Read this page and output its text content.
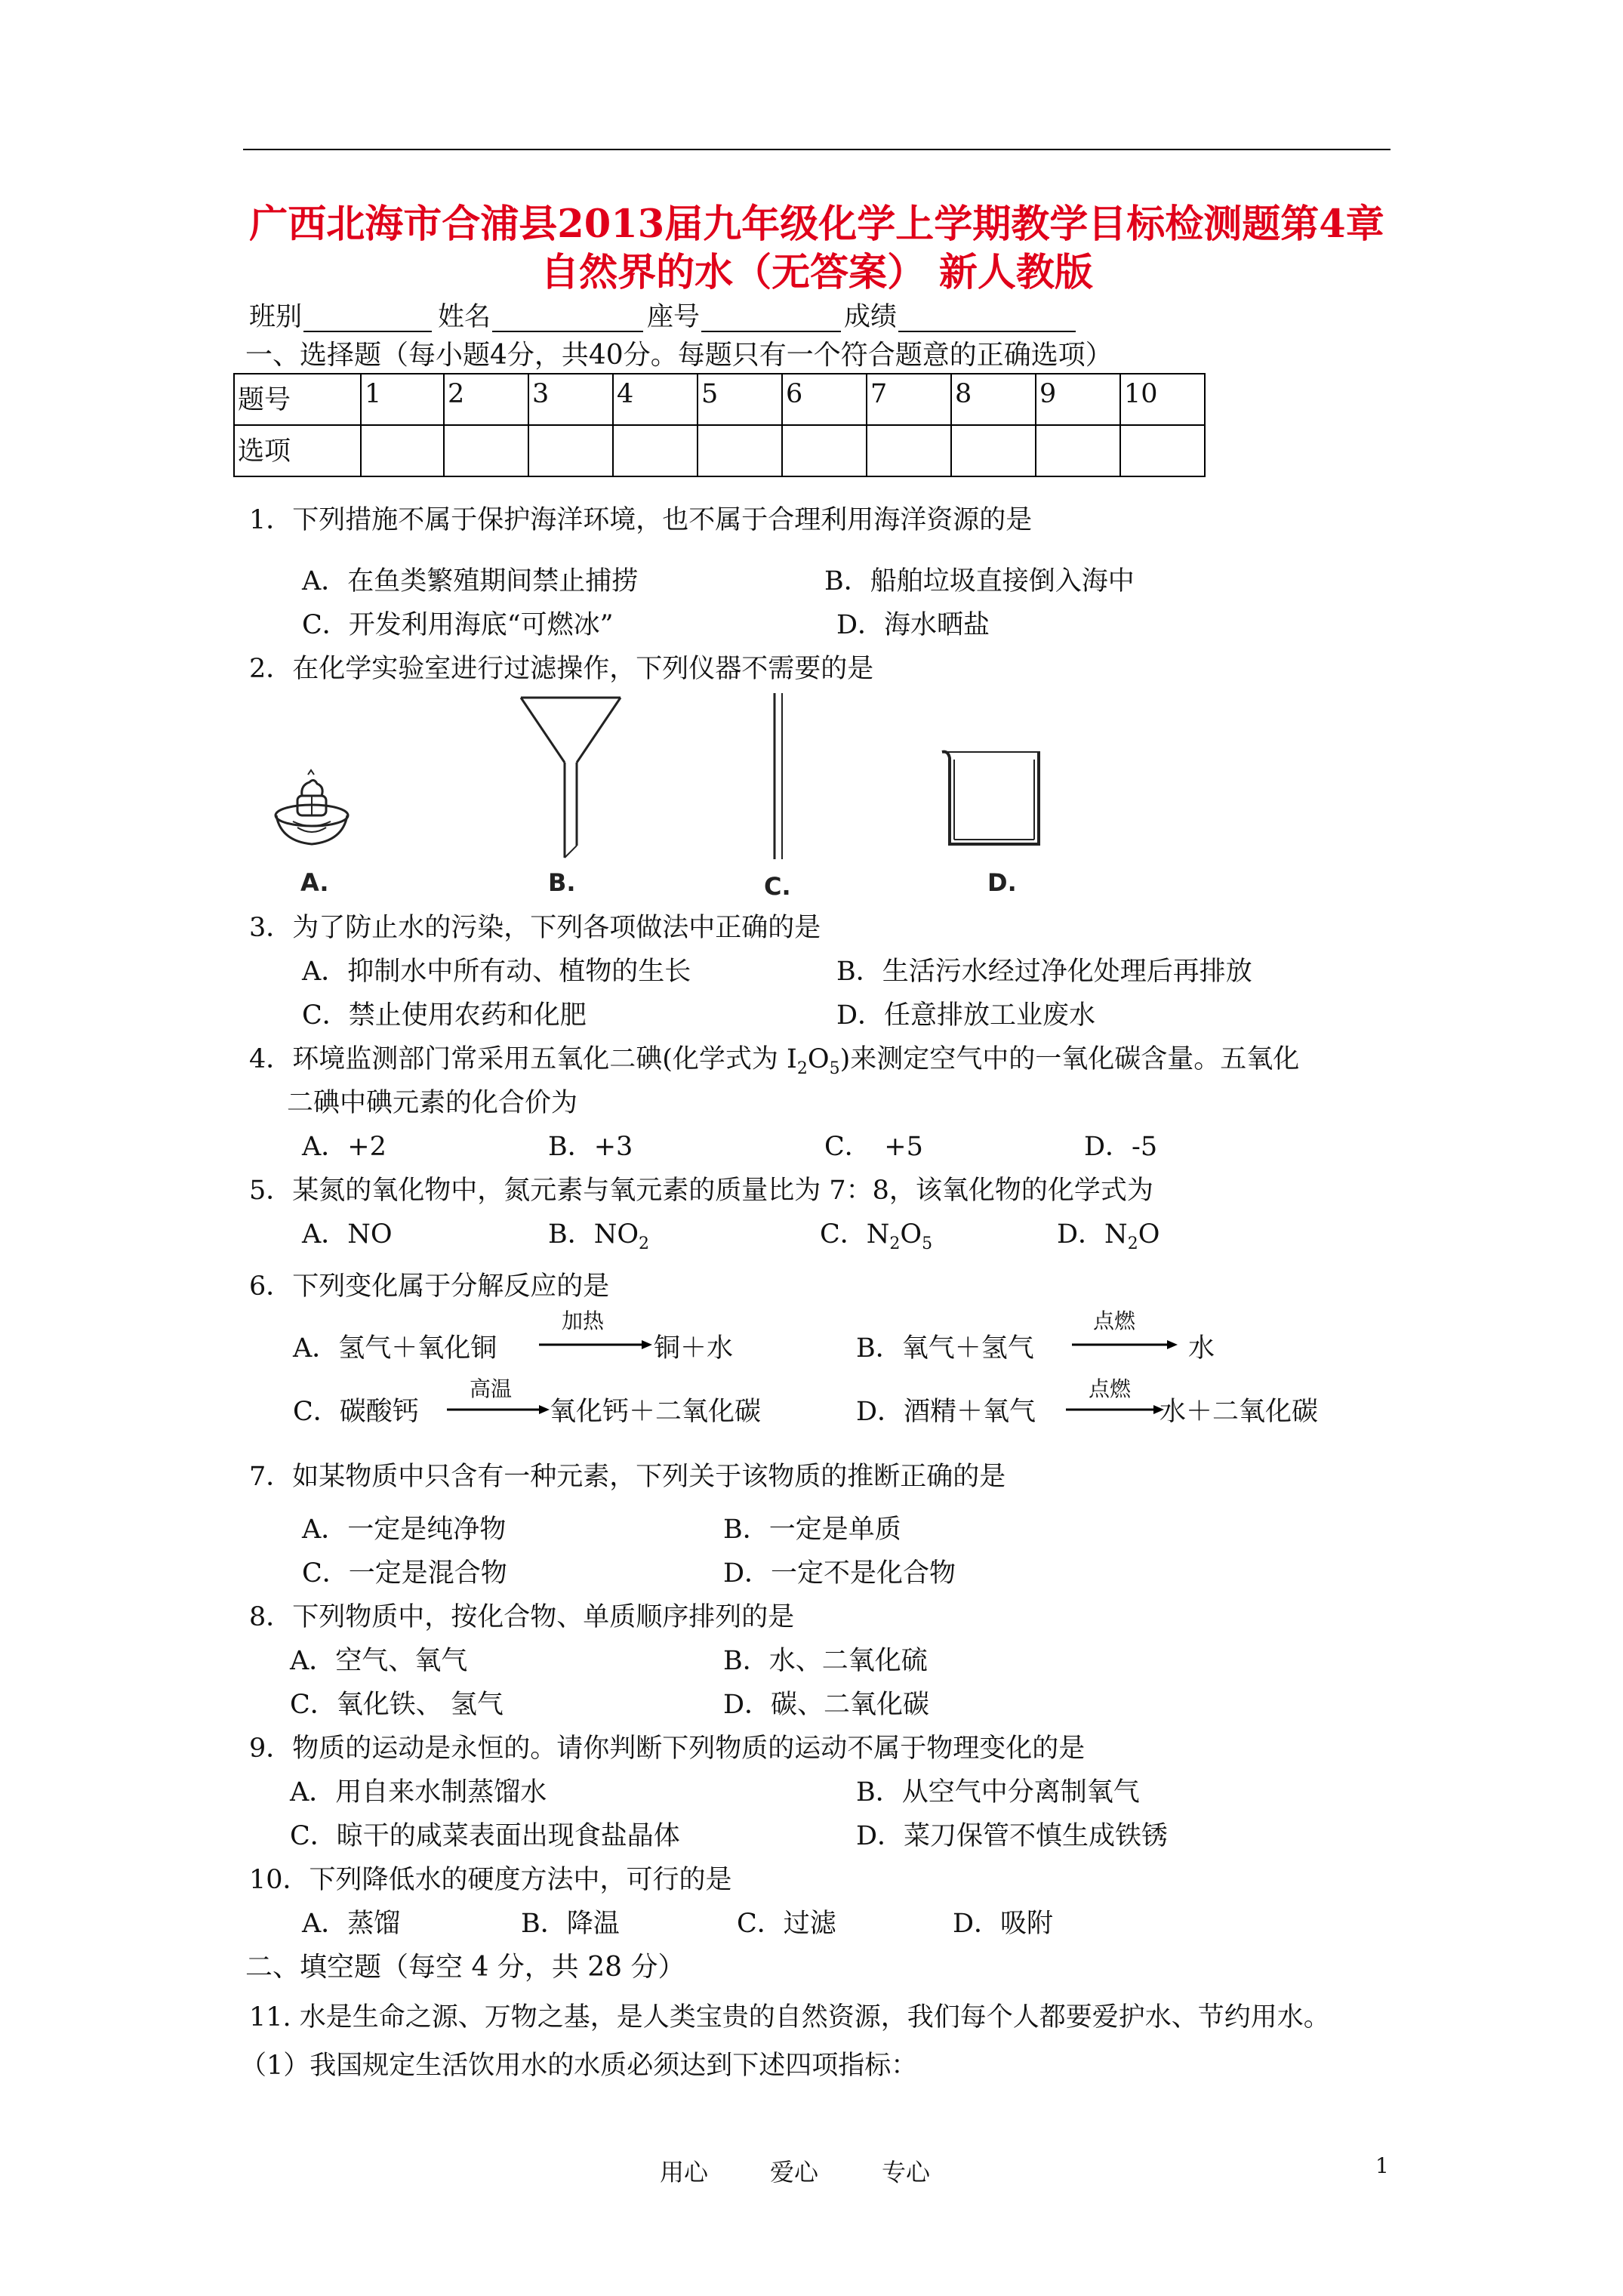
广西北海市合浦县2013届九年级化学上学期教学目标检测题第4章
自然界的水（无答案） 新人教版
班别	姓名	座号	成绩
一、选择题（每小题4分，共40分。每题只有一个符合题意的正确选项）
题号	1	2	3	4	5	6	7	8	9	10
选项										
1．下列措施不属于保护海洋环境，也不属于合理利用海洋资源的是
A．在鱼类繁殖期间禁止捕捞	B．船舶垃圾直接倒入海中
C．开发利用海底“可燃冰”	D．海水晒盐
2．在化学实验室进行过滤操作，下列仪器不需要的是
A.	B.	C.	D.
3．为了防止水的污染，下列各项做法中正确的是
A．抑制水中所有动、植物的生长	B．生活污水经过净化处理后再排放
C．禁止使用农药和化肥	D．任意排放工业废水
4．环境监测部门常采用五氧化二碘(化学式为 $I_2O_5$)来测定空气中的一氧化碳含量。五氧化
二碘中碘元素的化合价为
A．+2	B．+3	C．　+5	D．-5
5．某氮的氧化物中，氮元素与氧元素的质量比为 7：8，该氧化物的化学式为
A．NO	B．$NO_2$	C．$N_2O_5$	D．$N_2O$
6．下列变化属于分解反应的是
A．氢气＋氧化铜
加热
铜＋水	B．氧气＋氢气
点燃
水
C．碳酸钙
高温
氧化钙＋二氧化碳	D．酒精＋氧气
点燃
水＋二氧化碳
7．如某物质中只含有一种元素，下列关于该物质的推断正确的是
A．一定是纯净物	B．一定是单质
C．一定是混合物	D．一定不是化合物
8．下列物质中，按化合物、单质顺序排列的是
A．空气、氧气	B．水、二氧化硫
C．氧化铁、 氢气	D．碳、二氧化碳
9．物质的运动是永恒的。请你判断下列物质的运动不属于物理变化的是
A．用自来水制蒸馏水	B．从空气中分离制氧气
C．晾干的咸菜表面出现食盐晶体	D．菜刀保管不慎生成铁锈
10．下列降低水的硬度方法中，可行的是
A．蒸馏	B．降温	C．过滤	D．吸附
二、填空题（每空 4 分，共 28 分）
11. 水是生命之源、万物之基，是人类宝贵的自然资源，我们每个人都要爱护水、节约用水。
（1）我国规定生活饮用水的水质必须达到下述四项指标：
用心	爱心	专心	1
